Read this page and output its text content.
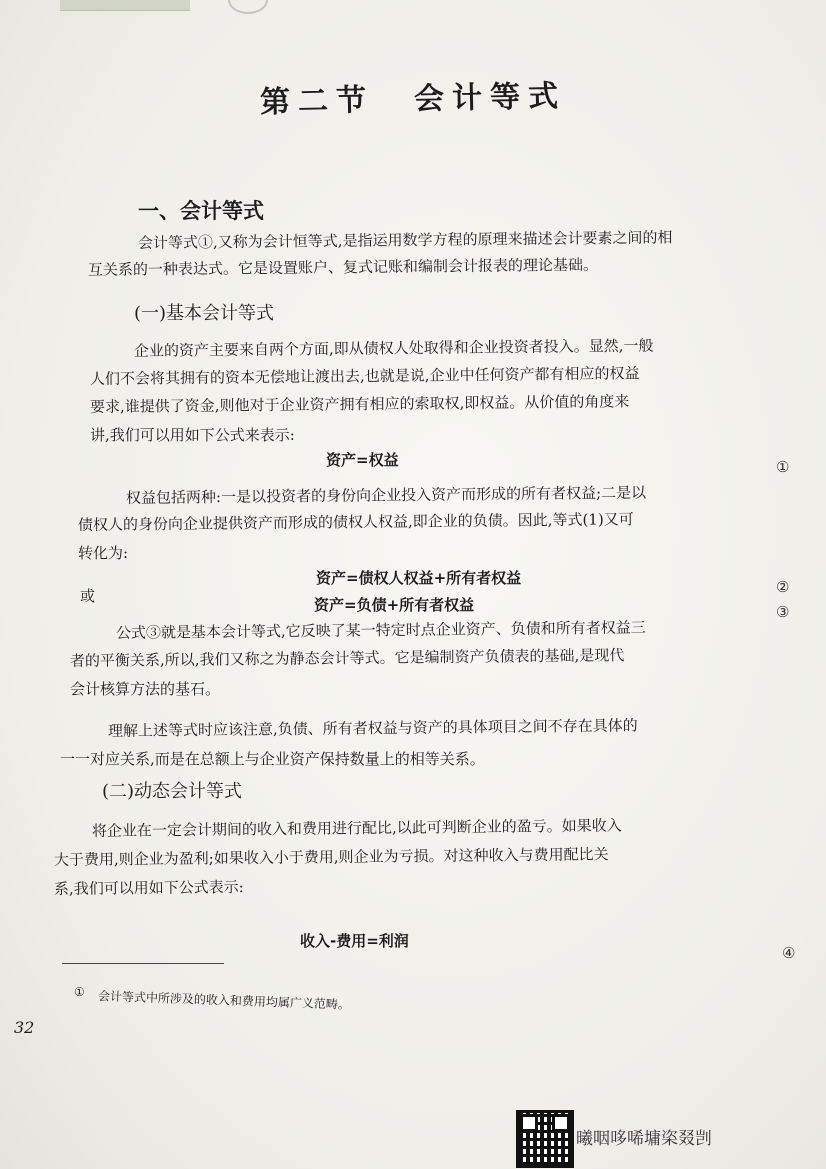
第二节 会计等式
一、会计等式
会计等式①,又称为会计恒等式,是指运用数学方程的原理来描述会计要素之间的相
互关系的一种表达式。它是设置账户、复式记账和编制会计报表的理论基础。
(一)基本会计等式
企业的资产主要来自两个方面,即从债权人处取得和企业投资者投入。显然,一般
人们不会将其拥有的资本无偿地让渡出去,也就是说,企业中任何资产都有相应的权益
要求,谁提供了资金,则他对于企业资产拥有相应的索取权,即权益。从价值的角度来
讲,我们可以用如下公式来表示:
资产=权益	①
权益包括两种:一是以投资者的身份向企业投入资产而形成的所有者权益;二是以
债权人的身份向企业提供资产而形成的债权人权益,即企业的负债。因此,等式(1)又可
转化为:
资产=债权人权益+所有者权益	②
或	资产=负债+所有者权益	③
公式③就是基本会计等式,它反映了某一特定时点企业资产、负债和所有者权益三
者的平衡关系,所以,我们又称之为静态会计等式。它是编制资产负债表的基础,是现代
会计核算方法的基石。
理解上述等式时应该注意,负债、所有者权益与资产的具体项目之间不存在具体的
一一对应关系,而是在总额上与企业资产保持数量上的相等关系。
(二)动态会计等式
将企业在一定会计期间的收入和费用进行配比,以此可判断企业的盈亏。如果收入
大于费用,则企业为盈利;如果收入小于费用,则企业为亏损。对这种收入与费用配比关
系,我们可以用如下公式表示:
收入-费用=利润
④
① 会计等式中所涉及的收入和费用均属广义范畴。
32
曦咽哆唏墉栥叕剀
